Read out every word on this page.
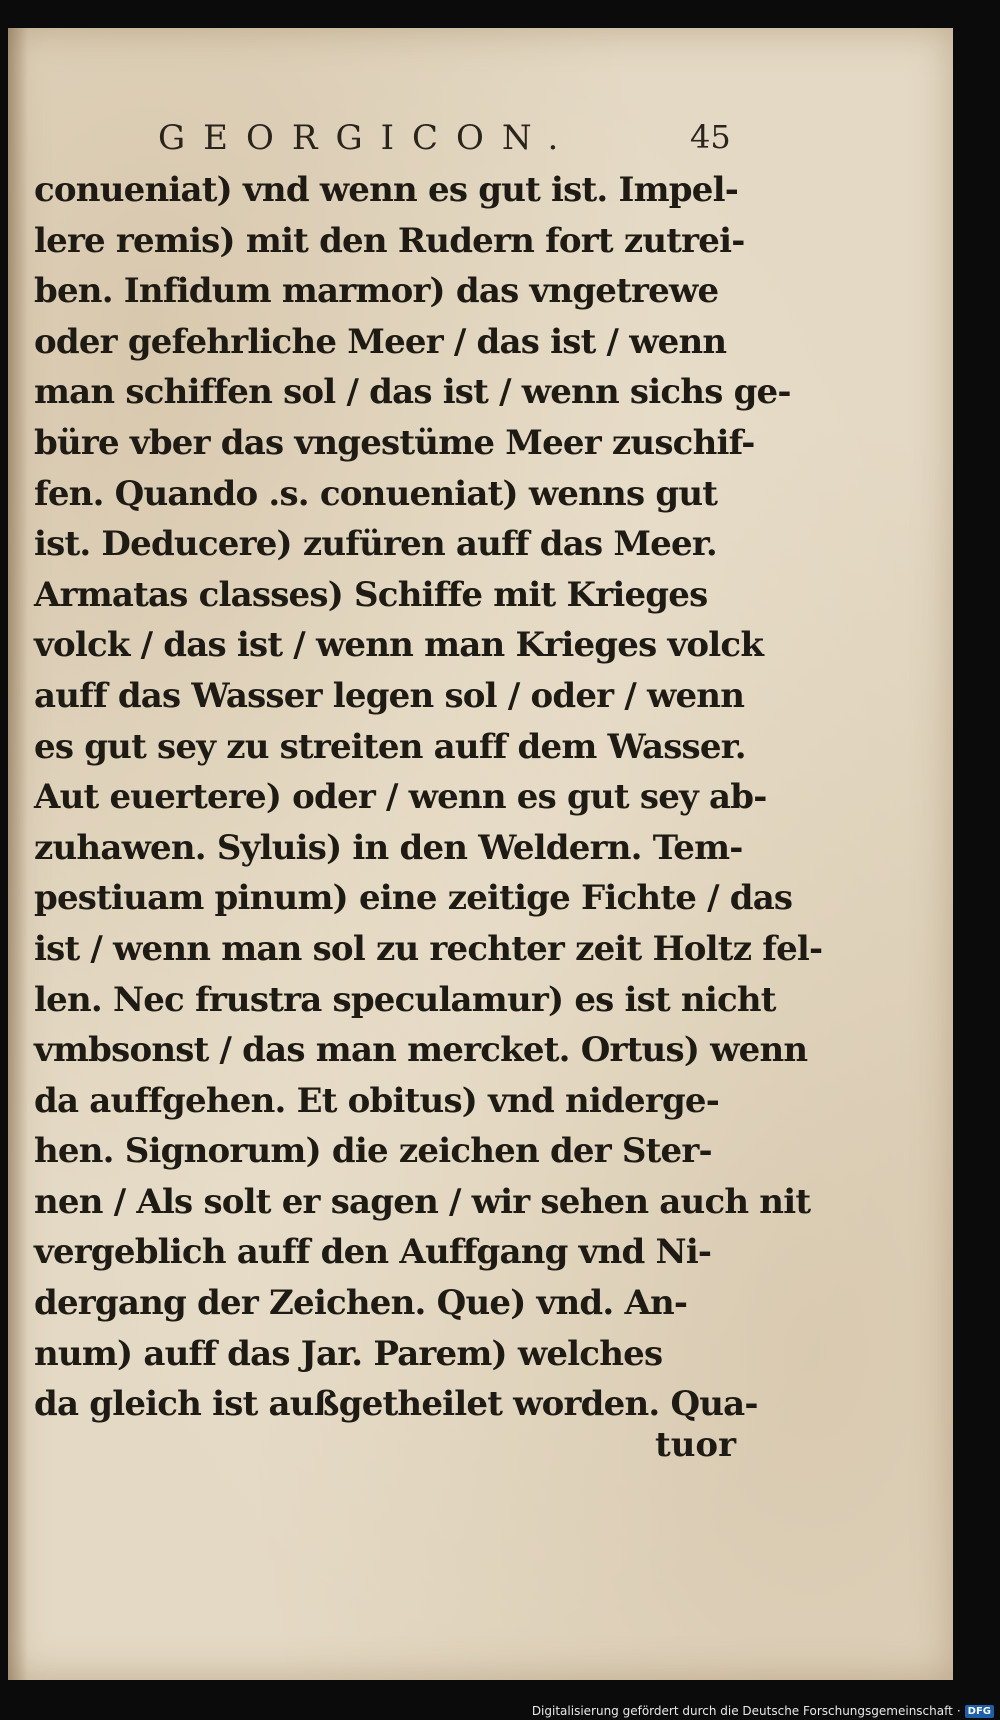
GEORGICON.	45
conueniat) vnd wenn es gut ist. Impel-
lere remis) mit den Rudern fort zutrei-
ben. Infidum marmor) das vngetrewe
oder gefehrliche Meer / das ist / wenn
man schiffen sol / das ist / wenn sichs ge-
büre vber das vngestüme Meer zuschif-
fen. Quando .s. conueniat) wenns gut
ist. Deducere) zufüren auff das Meer.
Armatas classes) Schiffe mit Krieges
volck / das ist / wenn man Krieges volck
auff das Wasser legen sol / oder / wenn
es gut sey zu streiten auff dem Wasser.
Aut euertere) oder / wenn es gut sey ab-
zuhawen. Syluis) in den Weldern. Tem-
pestiuam pinum) eine zeitige Fichte / das
ist / wenn man sol zu rechter zeit Holtz fel-
len. Nec frustra speculamur) es ist nicht
vmbsonst / das man mercket. Ortus) wenn
da auffgehen. Et obitus) vnd niderge-
hen. Signorum) die zeichen der Ster-
nen / Als solt er sagen / wir sehen auch nit
vergeblich auff den Auffgang vnd Ni-
dergang der Zeichen. Que) vnd. An-
num) auff das Jar. Parem) welches
da gleich ist außgetheilet worden. Qua-
tuor
Digitalisierung gefördert durch die Deutsche Forschungsgemeinschaft · DFG
